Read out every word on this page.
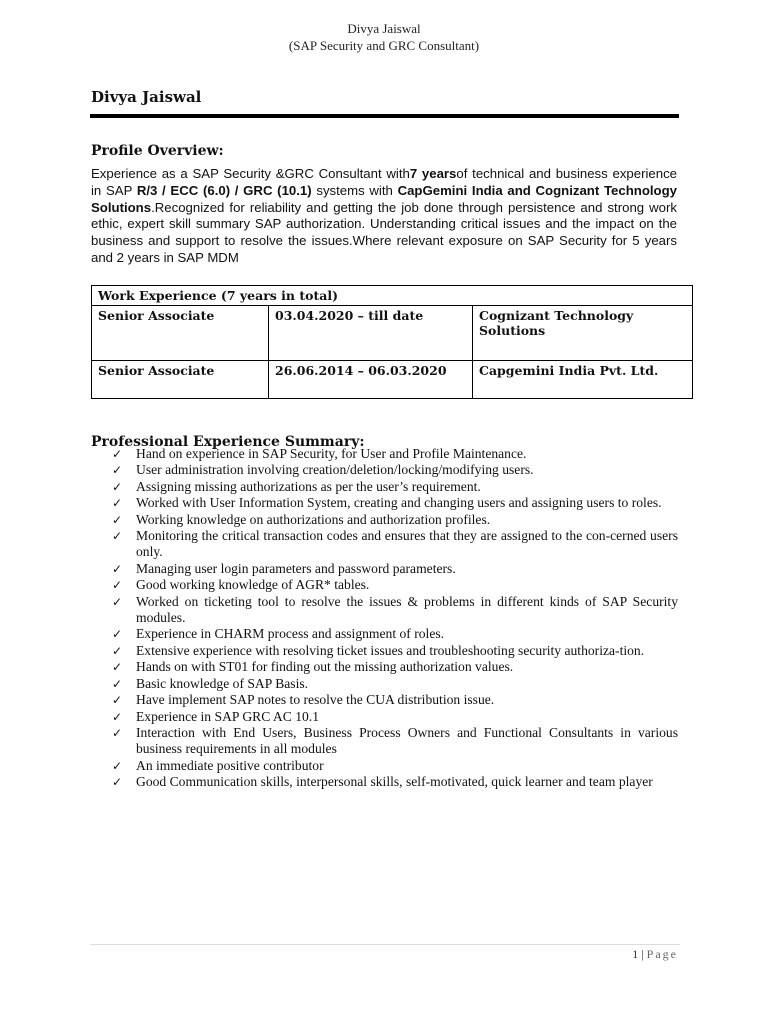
Divya Jaiswal
(SAP Security and GRC Consultant)
Divya Jaiswal
Profile Overview:
Experience as a SAP Security &GRC Consultant with7 yearsof technical and business experience in SAP R/3 / ECC (6.0) / GRC (10.1) systems with CapGemini India and Cognizant Technology Solutions.Recognized for reliability and getting the job done through persistence and strong work ethic, expert skill summary SAP authorization. Understanding critical issues and the impact on the business and support to resolve the issues.Where relevant exposure on SAP Security for 5 years and 2 years in SAP MDM
Work Experience (7 years in total)		
Senior Associate	03.04.2020 – till date	Cognizant Technology Solutions
Senior Associate	26.06.2014 – 06.03.2020	Capgemini India Pvt. Ltd.
Professional Experience Summary:
✓ Hand on experience in SAP Security, for User and Profile Maintenance.
✓ User administration involving creation/deletion/locking/modifying users.
✓ Assigning missing authorizations as per the user’s requirement.
✓ Worked with User Information System, creating and changing users and assigning users to roles.
✓ Working knowledge on authorizations and authorization profiles.
✓ Monitoring the critical transaction codes and ensures that they are assigned to the con-cerned users only.
✓ Managing user login parameters and password parameters.
✓ Good working knowledge of AGR* tables.
✓ Worked on ticketing tool to resolve the issues & problems in different kinds of SAP Security modules.
✓ Experience in CHARM process and assignment of roles.
✓ Extensive experience with resolving ticket issues and troubleshooting security authoriza-tion.
✓ Hands on with ST01 for finding out the missing authorization values.
✓ Basic knowledge of SAP Basis.
✓ Have implement SAP notes to resolve the CUA distribution issue.
✓ Experience in SAP GRC AC 10.1
✓ Interaction with End Users, Business Process Owners and Functional Consultants in various business requirements in all modules
✓ An immediate positive contributor
✓ Good Communication skills, interpersonal skills, self-motivated, quick learner and team player
1 | Page
